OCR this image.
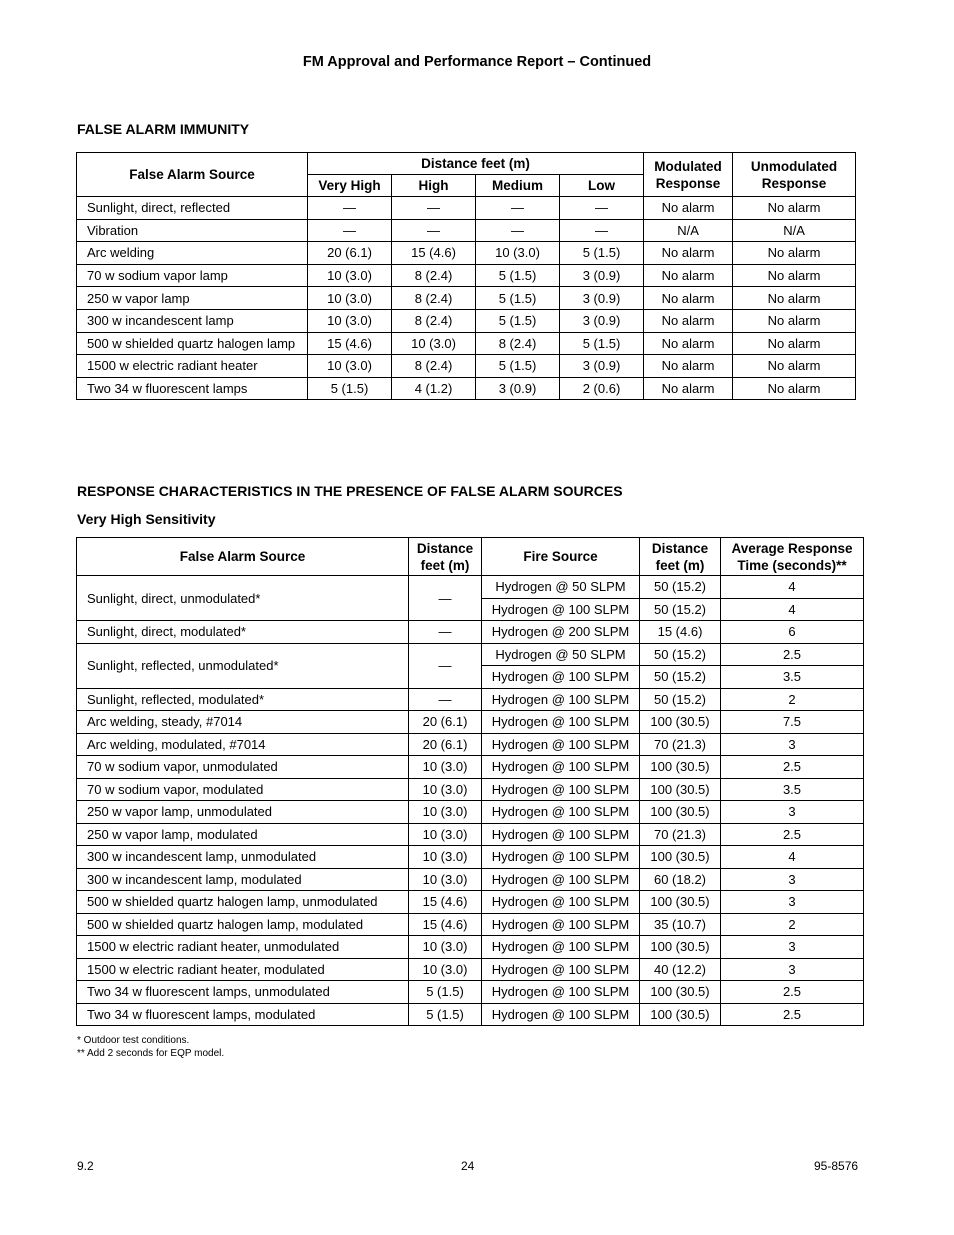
FM Approval and Performance Report – Continued
FALSE ALARM IMMUNITY
False Alarm Source	Distance feet (m)				Modulated Response	Unmodulated Response
	Very High	High	Medium	Low		
Sunlight, direct, reflected	—	—	—	—	No alarm	No alarm
Vibration	—	—	—	—	N/A	N/A
Arc welding	20 (6.1)	15 (4.6)	10 (3.0)	5 (1.5)	No alarm	No alarm
70 w sodium vapor lamp	10 (3.0)	8 (2.4)	5 (1.5)	3 (0.9)	No alarm	No alarm
250 w vapor lamp	10 (3.0)	8 (2.4)	5 (1.5)	3 (0.9)	No alarm	No alarm
300 w incandescent lamp	10 (3.0)	8 (2.4)	5 (1.5)	3 (0.9)	No alarm	No alarm
500 w shielded quartz halogen lamp	15 (4.6)	10 (3.0)	8 (2.4)	5 (1.5)	No alarm	No alarm
1500 w electric radiant heater	10 (3.0)	8 (2.4)	5 (1.5)	3 (0.9)	No alarm	No alarm
Two 34 w fluorescent lamps	5 (1.5)	4 (1.2)	3 (0.9)	2 (0.6)	No alarm	No alarm
RESPONSE CHARACTERISTICS IN THE PRESENCE OF FALSE ALARM SOURCES
Very High Sensitivity
False Alarm Source	Distance feet (m)	Fire Source	Distance feet (m)	Average Response Time (seconds)**
Sunlight, direct, unmodulated*	—	Hydrogen @ 50 SLPM	50 (15.2)	4
		Hydrogen @ 100 SLPM	50 (15.2)	4
Sunlight, direct, modulated*	—	Hydrogen @ 200 SLPM	15 (4.6)	6
Sunlight, reflected, unmodulated*	—	Hydrogen @ 50 SLPM	50 (15.2)	2.5
		Hydrogen @ 100 SLPM	50 (15.2)	3.5
Sunlight, reflected, modulated*	—	Hydrogen @ 100 SLPM	50 (15.2)	2
Arc welding, steady, #7014	20 (6.1)	Hydrogen @ 100 SLPM	100 (30.5)	7.5
Arc welding, modulated, #7014	20 (6.1)	Hydrogen @ 100 SLPM	70 (21.3)	3
70 w sodium vapor, unmodulated	10 (3.0)	Hydrogen @ 100 SLPM	100 (30.5)	2.5
70 w sodium vapor, modulated	10 (3.0)	Hydrogen @ 100 SLPM	100 (30.5)	3.5
250 w vapor lamp, unmodulated	10 (3.0)	Hydrogen @ 100 SLPM	100 (30.5)	3
250 w vapor lamp, modulated	10 (3.0)	Hydrogen @ 100 SLPM	70 (21.3)	2.5
300 w incandescent lamp, unmodulated	10 (3.0)	Hydrogen @ 100 SLPM	100 (30.5)	4
300 w incandescent lamp, modulated	10 (3.0)	Hydrogen @ 100 SLPM	60 (18.2)	3
500 w shielded quartz halogen lamp, unmodulated	15 (4.6)	Hydrogen @ 100 SLPM	100 (30.5)	3
500 w shielded quartz halogen lamp, modulated	15 (4.6)	Hydrogen @ 100 SLPM	35 (10.7)	2
1500 w electric radiant heater, unmodulated	10 (3.0)	Hydrogen @ 100 SLPM	100 (30.5)	3
1500 w electric radiant heater, modulated	10 (3.0)	Hydrogen @ 100 SLPM	40 (12.2)	3
Two 34 w fluorescent lamps, unmodulated	5 (1.5)	Hydrogen @ 100 SLPM	100 (30.5)	2.5
Two 34 w fluorescent lamps, modulated	5 (1.5)	Hydrogen @ 100 SLPM	100 (30.5)	2.5
* Outdoor test conditions.
** Add 2 seconds for EQP model.
9.2	24	95-8576
